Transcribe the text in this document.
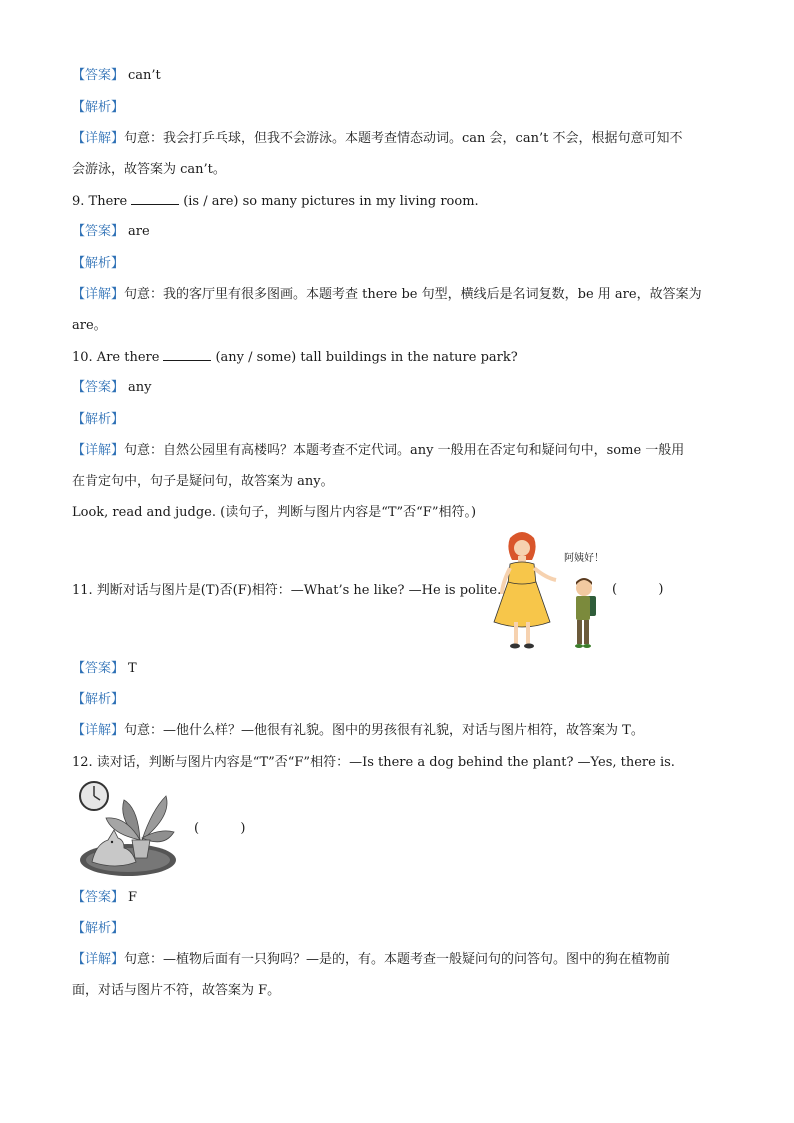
【答案】 can’t
【解析】
【详解】句意：我会打乒乓球，但我不会游泳。本题考查情态动词。can 会，can’t 不会，根据句意可知不
会游泳，故答案为 can’t。
9. There	(is / are) so many pictures in my living room.
【答案】 are
【解析】
【详解】句意：我的客厅里有很多图画。本题考查 there be 句型，横线后是名词复数，be 用 are，故答案为
are。
10. Are there	(any / some) tall buildings in the nature park?
【答案】 any
【解析】
【详解】句意：自然公园里有高楼吗？本题考查不定代词。any 一般用在否定句和疑问句中，some 一般用
在肯定句中，句子是疑问句，故答案为 any。
Look, read and judge. (读句子，判断与图片内容是“T”否“F”相符。)
阿姨好！
11. 判断对话与图片是(T)否(F)相符：—What’s he like? —He is polite.	(          )
【答案】 T
【解析】
【详解】句意：—他什么样？—他很有礼貌。图中的男孩很有礼貌，对话与图片相符，故答案为 T。
12. 读对话，判断与图片内容是“T”否“F”相符：—Is there a dog behind the plant? —Yes, there is.
(          )
【答案】 F
【解析】
【详解】句意：—植物后面有一只狗吗？—是的，有。本题考查一般疑问句的问答句。图中的狗在植物前
面，对话与图片不符，故答案为 F。
